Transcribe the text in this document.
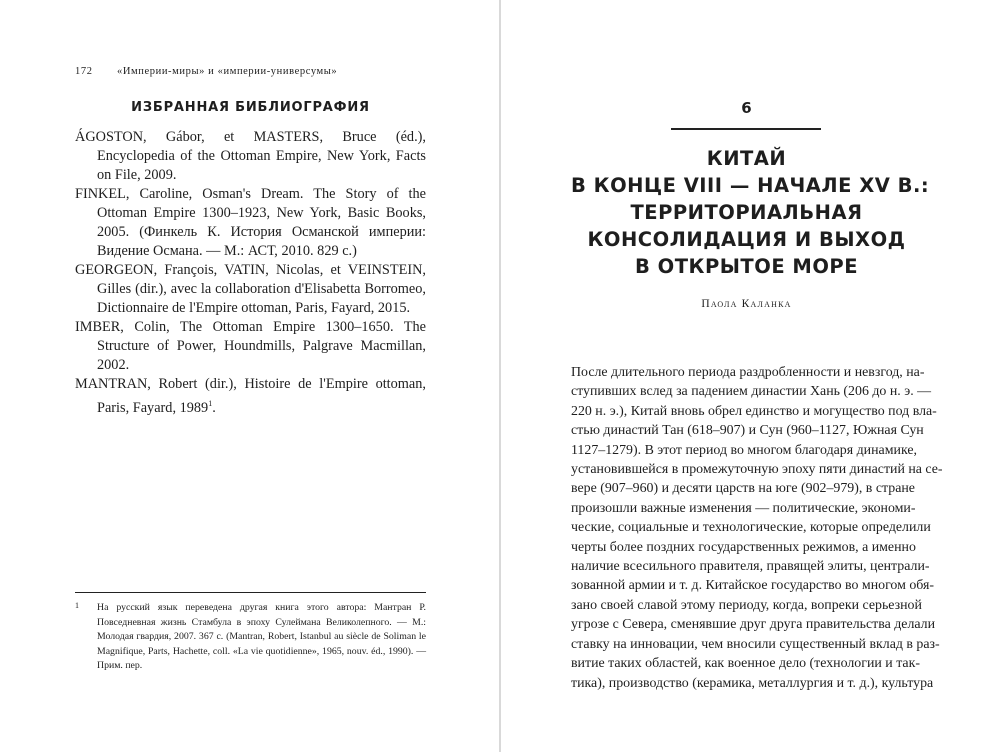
172 «Империи-миры» и «империи-универсумы»
ИЗБРАННАЯ БИБЛИОГРАФИЯ

ÁGOSTON, Gábor, et MASTERS, Bruce (éd.), Encyclopedia of the Ottoman Empire, New York, Facts on File, 2009.

FINKEL, Caroline, Osman's Dream. The Story of the Ottoman Empire 1300–1923, New York, Basic Books, 2005. (Финкель К. История Османской империи: Видение Османа. — М.: АСТ, 2010. 829 с.)

GEORGEON, François, VATIN, Nicolas, et VEINSTEIN, Gilles (dir.), avec la collaboration d'Elisabetta Borromeo, Dictionnaire de l'Empire ottoman, Paris, Fayard, 2015.

IMBER, Colin, The Ottoman Empire 1300–1650. The Structure of Power, Houndmills, Palgrave Macmillan, 2002.

MANTRAN, Robert (dir.), Histoire de l'Empire ottoman, Paris, Fayard, 1989$^1$.

1 На русский язык переведена другая книга этого автора: Мантран Р. Повседневная жизнь Стамбула в эпоху Сулеймана Великолепного. — М.: Молодая гвардия, 2007. 367 с. (Mantran, Robert, Istanbul au siècle de Soliman le Magnifique, Parts, Hachette, coll. «La vie quotidienne», 1965, nouv. éd., 1990). — Прим. пер.

6
КИТАЙ
В КОНЦЕ VIII — НАЧАЛЕ XV В.:
ТЕРРИТОРИАЛЬНАЯ
КОНСОЛИДАЦИЯ И ВЫХОД
В ОТКРЫТОЕ МОРЕ
Паола Каланка
После длительного периода раздробленности и невзгод, на-
ступивших вслед за падением династии Хань (206 до н. э. —
220 н. э.), Китай вновь обрел единство и могущество под вла-
стью династий Тан (618–907) и Сун (960–1127, Южная Сун
1127–1279). В этот период во многом благодаря динамике,
установившейся в промежуточную эпоху пяти династий на се-
вере (907–960) и десяти царств на юге (902–979), в стране
произошли важные изменения — политические, экономи-
ческие, социальные и технологические, которые определили
черты более поздних государственных режимов, а именно
наличие всесильного правителя, правящей элиты, централи-
зованной армии и т. д. Китайское государство во многом обя-
зано своей славой этому периоду, когда, вопреки серьезной
угрозе с Севера, сменявшие друг друга правительства делали
ставку на инновации, чем вносили существенный вклад в раз-
витие таких областей, как военное дело (технологии и так-
тика), производство (керамика, металлургия и т. д.), культура
